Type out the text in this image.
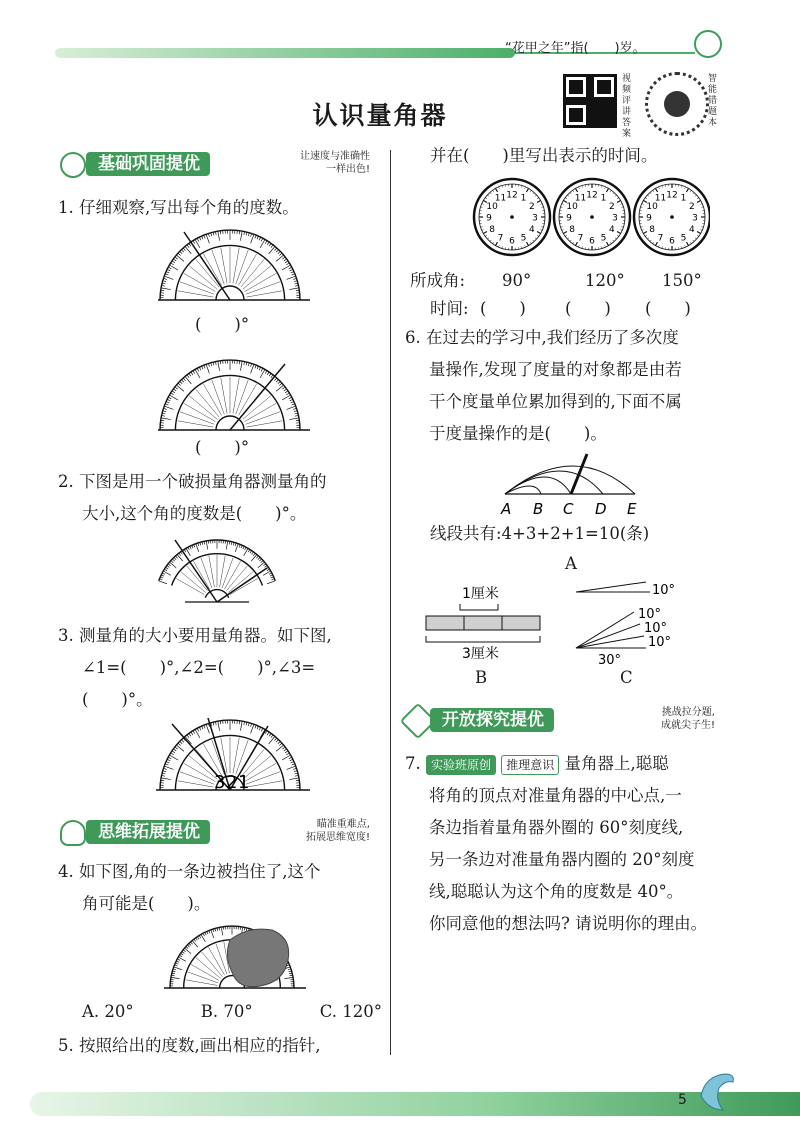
“花甲之年”指(　　)岁。
认识量角器
视频评讲答案
智能错题本
基础巩固提优	让速度与准确性
一样出色!
1. 仔细观察,写出每个角的度数。
(　　)°
(　　)°
2. 下图是用一个破损量角器测量角的
大小,这个角的度数是(　　)°。
3. 测量角的大小要用量角器。如下图,
∠1=(　　)°,∠2=(　　)°,∠3=
(　　)°。
3 2 1
思维拓展提优	瞄准重难点,
拓展思维宽度!
4. 如下图,角的一条边被挡住了,这个
角可能是(　　)。
A. 20°	B. 70°	C. 120°
5. 按照给出的度数,画出相应的指针,
并在(　　)里写出表示的时间。
12 1
2
3
4
5
6
7
8
9
10
11	12 1
2
3
4
5
6
7
8
9
10
11	12 1
2
3
4
5
6
7
8
9
10
11
所成角: 90°	120° 150°
时间: (　　) (　　) (　　)
6. 在过去的学习中,我们经历了多次度
量操作,发现了度量的对象都是由若
干个度量单位累加得到的,下面不属
于度量操作的是(　　)。
A B C D E
线段共有:4+3+2+1=10(条)
A
1厘米
3厘米
10°
10°
10°
10°
30°
B	C
开放探究提优	挑战拉分题,
成就尖子生!
7. 实验班原创 推理意识 量角器上,聪聪
将角的顶点对准量角器的中心点,一
条边指着量角器外圈的 60°刻度线,
另一条边对准量角器内圈的 20°刻度
线,聪聪认为这个角的度数是 40°。
你同意他的想法吗? 请说明你的理由。
5
